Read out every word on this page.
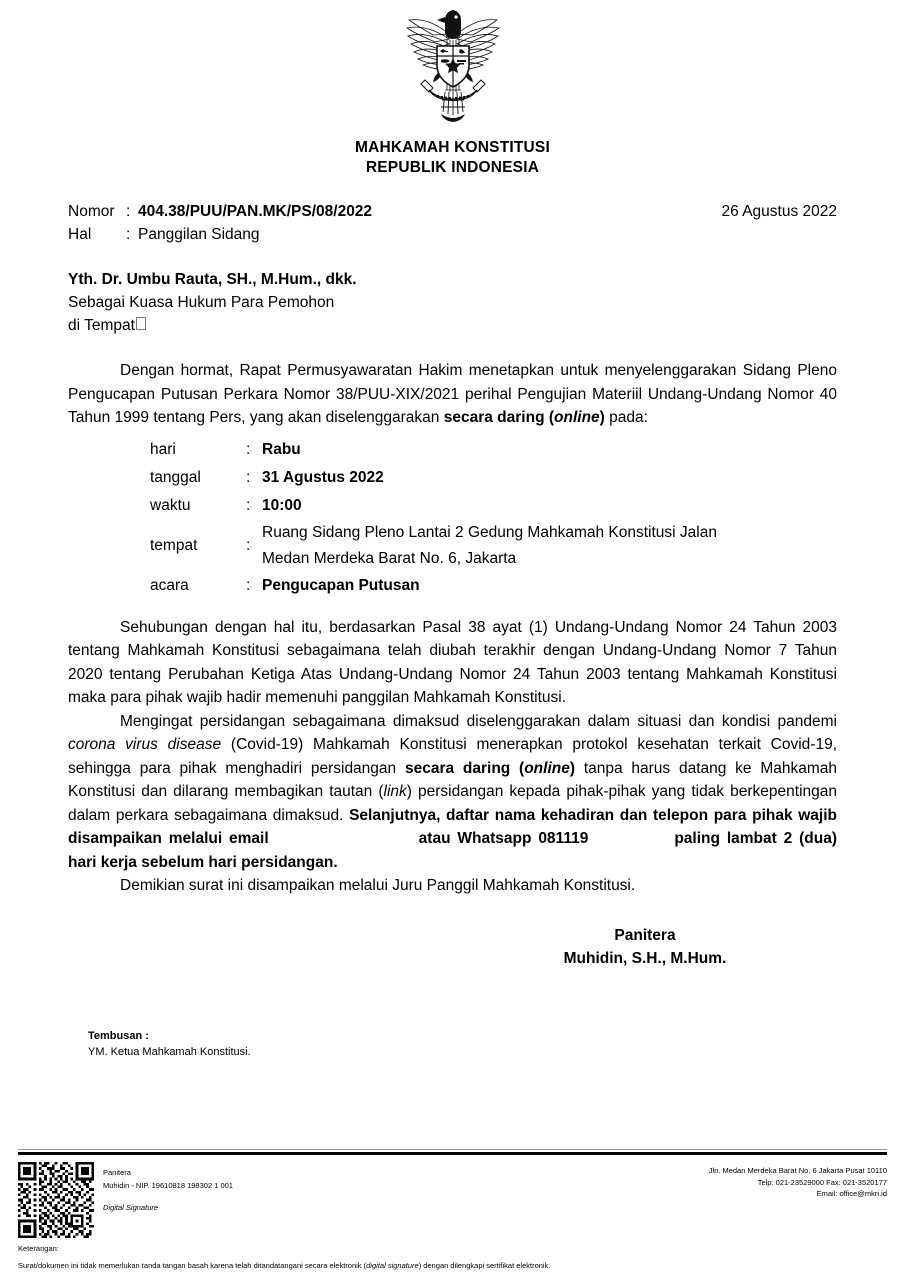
MAHKAMAH KONSTITUSI
REPUBLIK INDONESIA
26 Agustus 2022
Nomor : 404.38/PUU/PAN.MK/PS/08/2022
Hal	: Panggilan Sidang
Yth. Dr. Umbu Rauta, SH., M.Hum., dkk.
Sebagai Kuasa Hukum Para Pemohon
di Tempat

Dengan hormat, Rapat Permusyawaratan Hakim menetapkan untuk menyelenggarakan Sidang Pleno Pengucapan Putusan Perkara Nomor 38/PUU-XIX/2021 perihal Pengujian Materiil Undang-Undang Nomor 40 Tahun 1999 tentang Pers, yang akan diselenggarakan secara daring (online) pada:

hari	: Rabu
tanggal	: 31 Agustus 2022
waktu	: 10:00
tempat	:
Ruang Sidang Pleno Lantai 2 Gedung Mahkamah Konstitusi Jalan Medan Merdeka Barat No. 6, Jakarta
acara	: Pengucapan Putusan

Sehubungan dengan hal itu, berdasarkan Pasal 38 ayat (1) Undang-Undang Nomor 24 Tahun 2003 tentang Mahkamah Konstitusi sebagaimana telah diubah terakhir dengan Undang-Undang Nomor 7 Tahun 2020 tentang Perubahan Ketiga Atas Undang-Undang Nomor 24 Tahun 2003 tentang Mahkamah Konstitusi maka para pihak wajib hadir memenuhi panggilan Mahkamah Konstitusi.

Mengingat persidangan sebagaimana dimaksud diselenggarakan dalam situasi dan kondisi pandemi corona virus disease (Covid-19) Mahkamah Konstitusi menerapkan protokol kesehatan terkait Covid-19, sehingga para pihak menghadiri persidangan secara daring (online) tanpa harus datang ke Mahkamah Konstitusi dan dilarang membagikan tautan (link) persidangan kepada pihak-pihak yang tidak berkepentingan dalam perkara sebagaimana dimaksud. Selanjutnya, daftar nama kehadiran dan telepon para pihak wajib disampaikan melalui email	atau Whatsapp 081119	paling lambat 2 (dua) hari kerja sebelum hari persidangan.

Demikian surat ini disampaikan melalui Juru Panggil Mahkamah Konstitusi.

Panitera
Muhidin, S.H., M.Hum.
Tembusan :
YM. Ketua Mahkamah Konstitusi.
Panitera
Muhidin - NIP. 19610818 198302 1 001
Digital Signature
Jln. Medan Merdeka Barat No. 6 Jakarta Pusat 10110
Telp: 021-23529000 Fax: 021-3520177
Email: office@mkri.id
Keterangan:
Surat/dokumen ini tidak memerlukan tanda tangan basah karena telah ditandatangani secara elektronik (digital signature) dengan dilengkapi sertifikat elektronik.
